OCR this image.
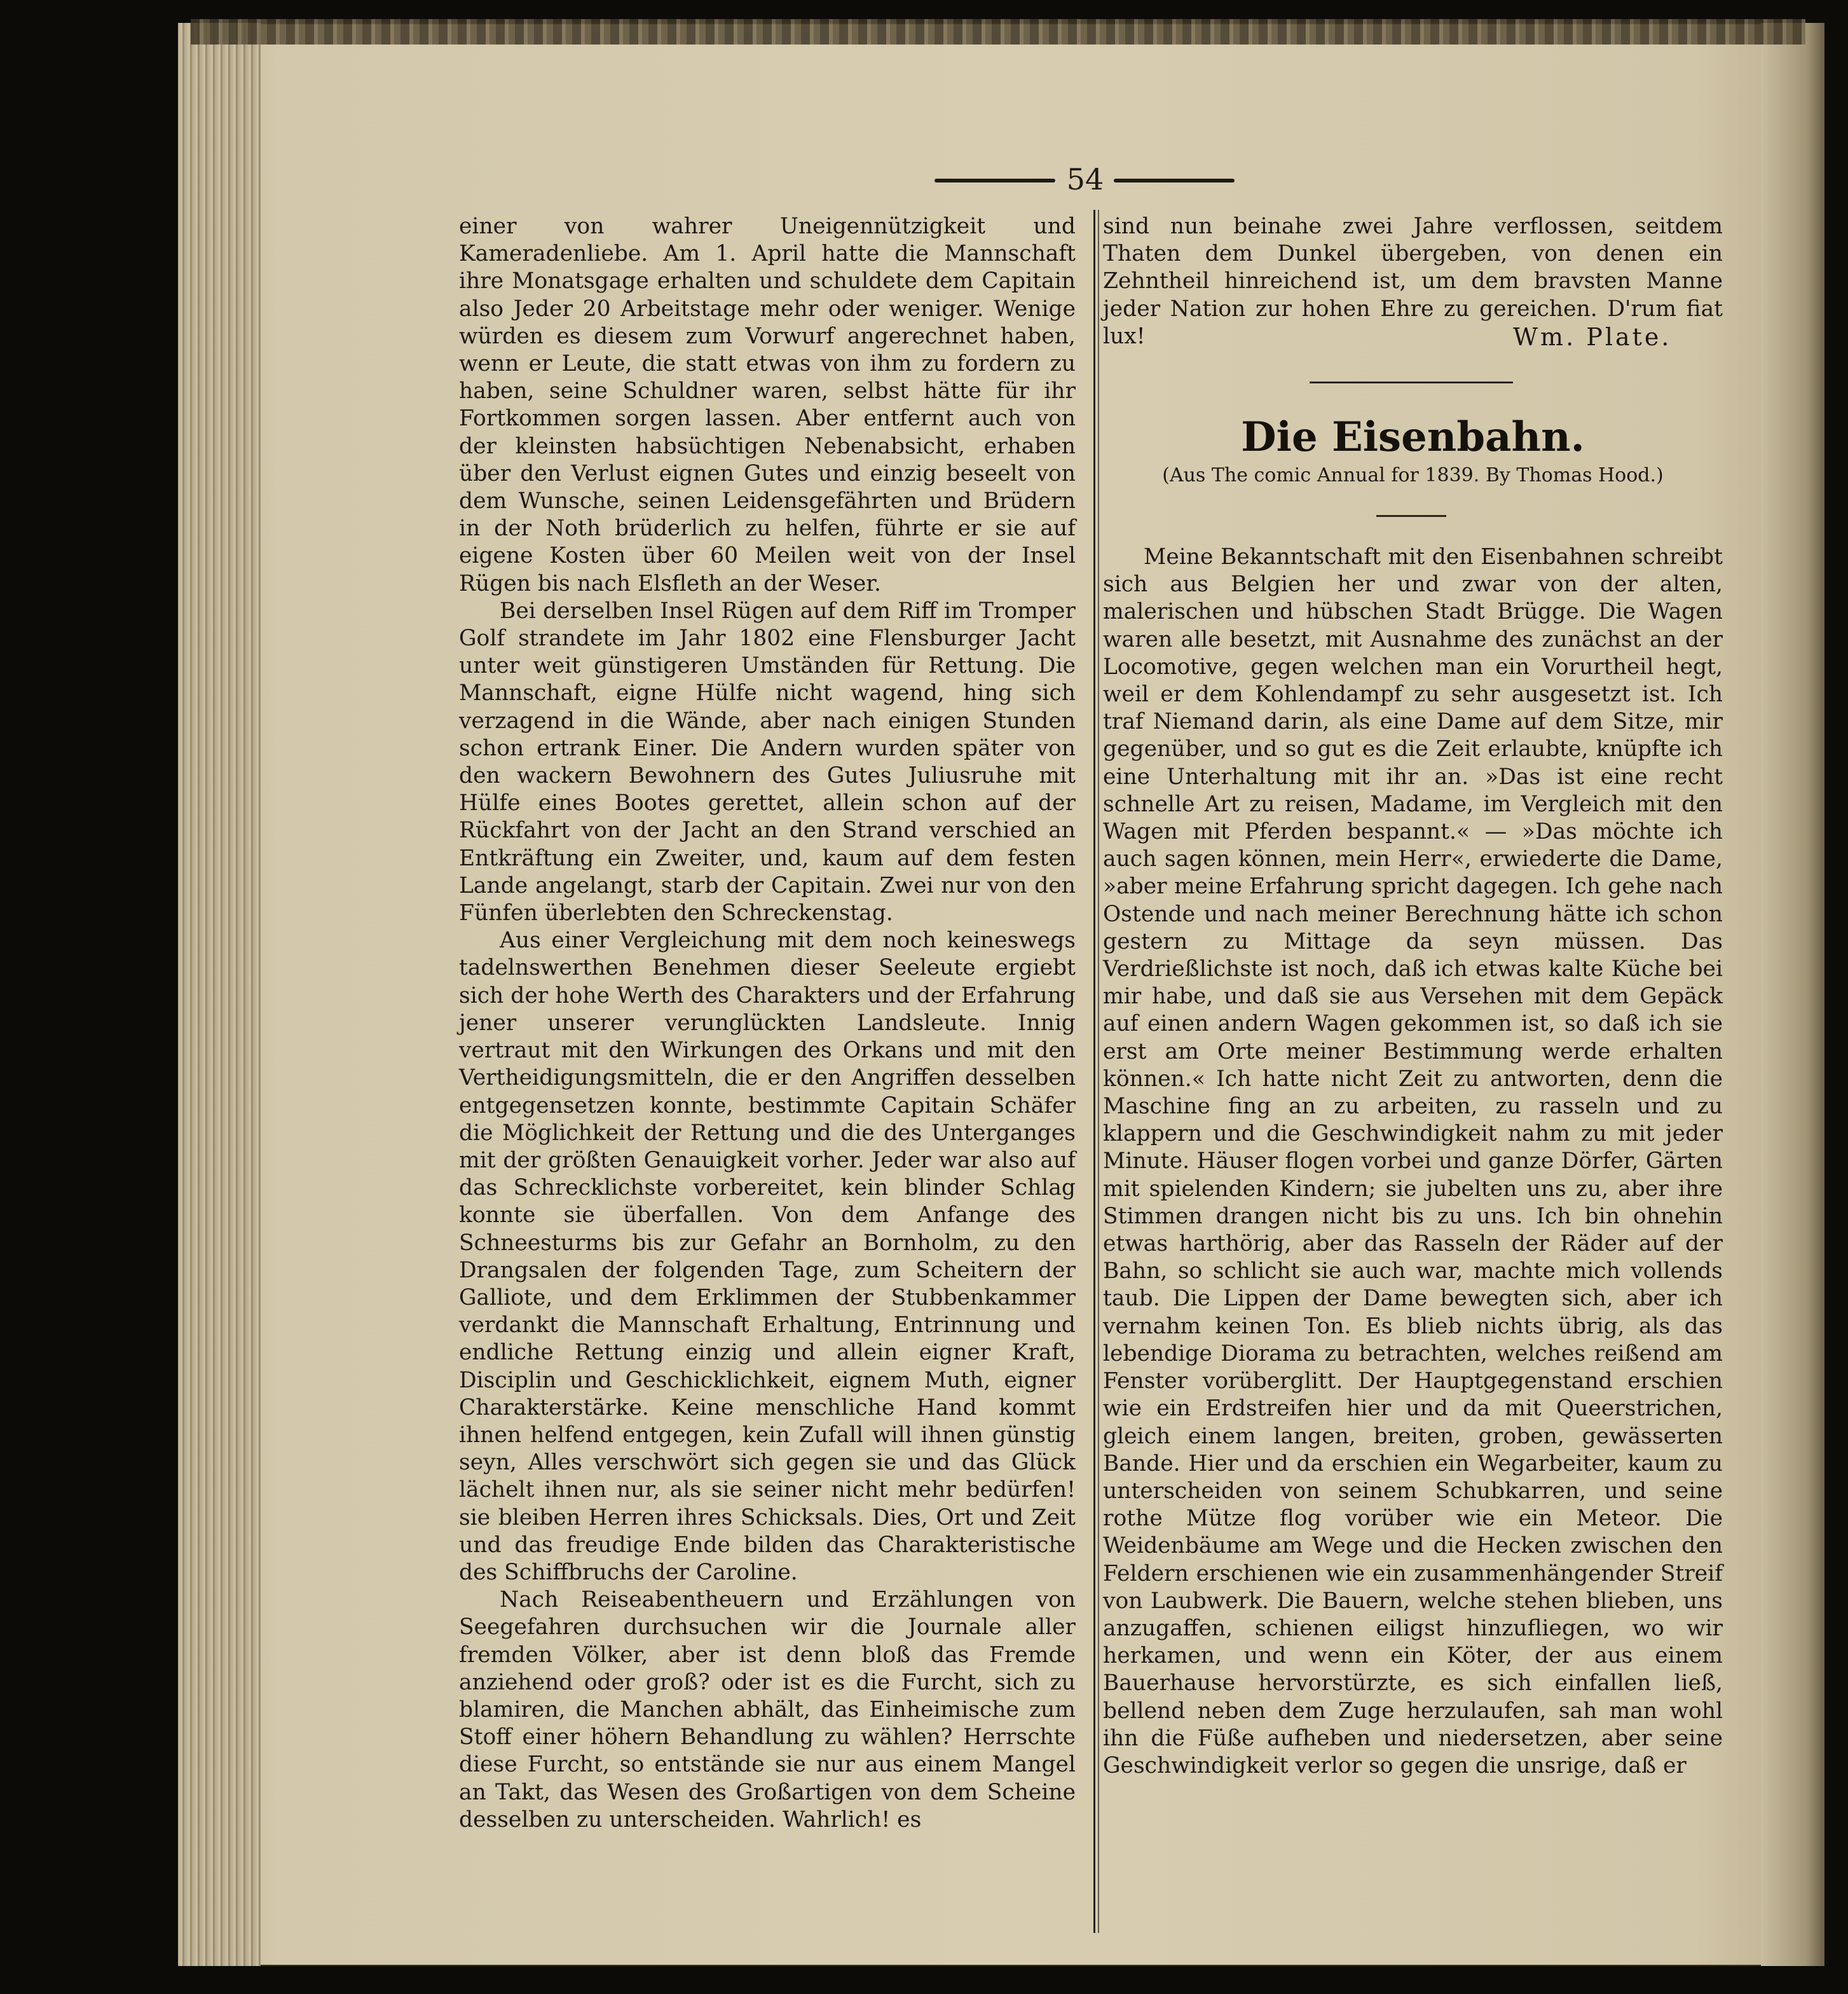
54

einer von wahrer Uneigennützigkeit und Kameradenliebe. Am 1. April hatte die Mannschaft ihre Monatsgage erhalten und schuldete dem Capitain also Jeder 20 Arbeitstage mehr oder weniger. Wenige würden es diesem zum Vorwurf angerechnet haben, wenn er Leute, die statt etwas von ihm zu fordern zu haben, seine Schuldner waren, selbst hätte für ihr Fortkommen sorgen lassen. Aber entfernt auch von der kleinsten habsüchtigen Nebenabsicht, erhaben über den Verlust eignen Gutes und einzig beseelt von dem Wunsche, seinen Leidensgefährten und Brüdern in der Noth brüderlich zu helfen, führte er sie auf eigene Kosten über 60 Meilen weit von der Insel Rügen bis nach Elsfleth an der Weser.

Bei derselben Insel Rügen auf dem Riff im Tromper Golf strandete im Jahr 1802 eine Flensburger Jacht unter weit günstigeren Umständen für Rettung. Die Mannschaft, eigne Hülfe nicht wagend, hing sich verzagend in die Wände, aber nach einigen Stunden schon ertrank Einer. Die Andern wurden später von den wackern Bewohnern des Gutes Juliusruhe mit Hülfe eines Bootes gerettet, allein schon auf der Rückfahrt von der Jacht an den Strand verschied an Entkräftung ein Zweiter, und, kaum auf dem festen Lande angelangt, starb der Capitain. Zwei nur von den Fünfen überlebten den Schreckenstag.

Aus einer Vergleichung mit dem noch keineswegs tadelnswerthen Benehmen dieser Seeleute ergiebt sich der hohe Werth des Charakters und der Erfahrung jener unserer verunglückten Landsleute. Innig vertraut mit den Wirkungen des Orkans und mit den Vertheidigungsmitteln, die er den Angriffen desselben entgegensetzen konnte, bestimmte Capitain Schäfer die Möglichkeit der Rettung und die des Unterganges mit der größten Genauigkeit vorher. Jeder war also auf das Schrecklichste vorbereitet, kein blinder Schlag konnte sie überfallen. Von dem Anfange des Schneesturms bis zur Gefahr an Bornholm, zu den Drangsalen der folgenden Tage, zum Scheitern der Galliote, und dem Erklimmen der Stubbenkammer verdankt die Mannschaft Erhaltung, Entrinnung und endliche Rettung einzig und allein eigner Kraft, Disciplin und Geschicklichkeit, eignem Muth, eigner Charakterstärke. Keine menschliche Hand kommt ihnen helfend entgegen, kein Zufall will ihnen günstig seyn, Alles verschwört sich gegen sie und das Glück lächelt ihnen nur, als sie seiner nicht mehr bedürfen! sie bleiben Herren ihres Schicksals. Dies, Ort und Zeit und das freudige Ende bilden das Charakteristische des Schiffbruchs der Caroline.

Nach Reiseabentheuern und Erzählungen von Seegefahren durchsuchen wir die Journale aller fremden Völker, aber ist denn bloß das Fremde anziehend oder groß? oder ist es die Furcht, sich zu blamiren, die Manchen abhält, das Einheimische zum Stoff einer höhern Behandlung zu wählen? Herrschte diese Furcht, so entstände sie nur aus einem Mangel an Takt, das Wesen des Großartigen von dem Scheine desselben zu unterscheiden. Wahrlich! es

sind nun beinahe zwei Jahre verflossen, seitdem Thaten dem Dunkel übergeben, von denen ein Zehntheil hinreichend ist, um dem bravsten Manne jeder Nation zur hohen Ehre zu gereichen. D'rum fiat lux!	Wm. Plate.
Die Eisenbahn.
(Aus The comic Annual for 1839. By Thomas Hood.)

Meine Bekanntschaft mit den Eisenbahnen schreibt sich aus Belgien her und zwar von der alten, malerischen und hübschen Stadt Brügge. Die Wagen waren alle besetzt, mit Ausnahme des zunächst an der Locomotive, gegen welchen man ein Vorurtheil hegt, weil er dem Kohlendampf zu sehr ausgesetzt ist. Ich traf Niemand darin, als eine Dame auf dem Sitze, mir gegenüber, und so gut es die Zeit erlaubte, knüpfte ich eine Unterhaltung mit ihr an. »Das ist eine recht schnelle Art zu reisen, Madame, im Vergleich mit den Wagen mit Pferden bespannt.« — »Das möchte ich auch sagen können, mein Herr«, erwiederte die Dame, »aber meine Erfahrung spricht dagegen. Ich gehe nach Ostende und nach meiner Berechnung hätte ich schon gestern zu Mittage da seyn müssen. Das Verdrießlichste ist noch, daß ich etwas kalte Küche bei mir habe, und daß sie aus Versehen mit dem Gepäck auf einen andern Wagen gekommen ist, so daß ich sie erst am Orte meiner Bestimmung werde erhalten können.« Ich hatte nicht Zeit zu antworten, denn die Maschine fing an zu arbeiten, zu rasseln und zu klappern und die Geschwindigkeit nahm zu mit jeder Minute. Häuser flogen vorbei und ganze Dörfer, Gärten mit spielenden Kindern; sie jubelten uns zu, aber ihre Stimmen drangen nicht bis zu uns. Ich bin ohnehin etwas harthörig, aber das Rasseln der Räder auf der Bahn, so schlicht sie auch war, machte mich vollends taub. Die Lippen der Dame bewegten sich, aber ich vernahm keinen Ton. Es blieb nichts übrig, als das lebendige Diorama zu betrachten, welches reißend am Fenster vorüberglitt. Der Hauptgegenstand erschien wie ein Erdstreifen hier und da mit Queerstrichen, gleich einem langen, breiten, groben, gewässerten Bande. Hier und da erschien ein Wegarbeiter, kaum zu unterscheiden von seinem Schubkarren, und seine rothe Mütze flog vorüber wie ein Meteor. Die Weidenbäume am Wege und die Hecken zwischen den Feldern erschienen wie ein zusammenhängender Streif von Laubwerk. Die Bauern, welche stehen blieben, uns anzugaffen, schienen eiligst hinzufliegen, wo wir herkamen, und wenn ein Köter, der aus einem Bauerhause hervorstürzte, es sich einfallen ließ, bellend neben dem Zuge herzulaufen, sah man wohl ihn die Füße aufheben und niedersetzen, aber seine Geschwindigkeit verlor so gegen die unsrige, daß er
